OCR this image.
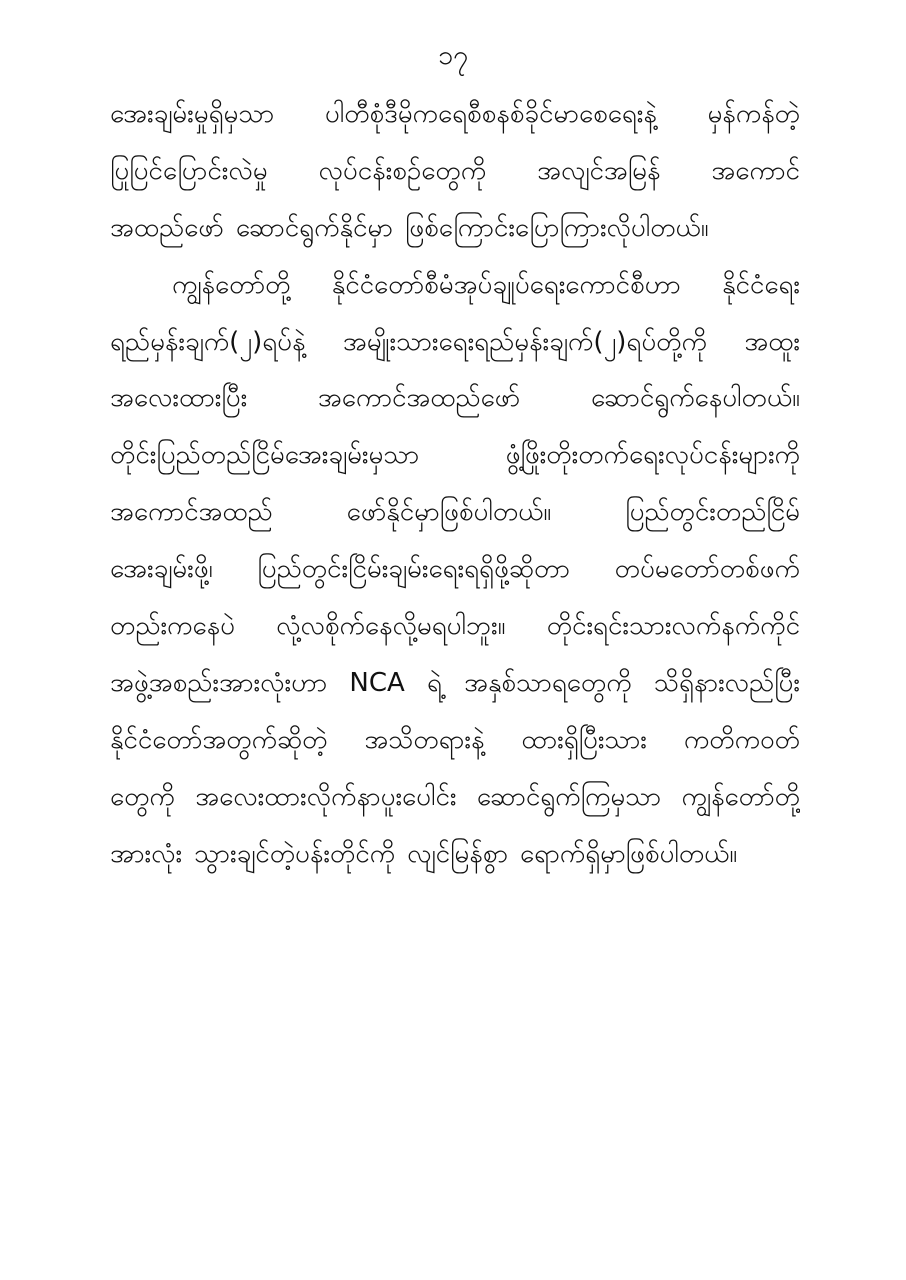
၁၇
အေးချမ်းမှုရှိမှသာ ပါတီစုံဒီမိုကရေစီစနစ်ခိုင်မာစေရေးနဲ့ မှန်ကန်တဲ့
ပြုပြင်ပြောင်းလဲမှု လုပ်ငန်းစဉ်တွေကို အလျင်အမြန် အကောင်
အထည်ဖော် ဆောင်ရွက်နိုင်မှာ ဖြစ်ကြောင်းပြောကြားလိုပါတယ်။
ကျွန်တော်တို့ နိုင်ငံတော်စီမံအုပ်ချုပ်ရေးကောင်စီဟာ နိုင်ငံရေး
ရည်မှန်းချက်(၂)ရပ်နဲ့ အမျိုးသားရေးရည်မှန်းချက်(၂)ရပ်တို့ကို အထူး
အလေးထားပြီး	အကောင်အထည်ဖော်	ဆောင်ရွက်နေပါတယ်။
တိုင်းပြည်တည်ငြိမ်အေးချမ်းမှသာ	ဖွံ့ဖြိုးတိုးတက်ရေးလုပ်ငန်းများကို
အကောင်အထည်	ဖော်နိုင်မှာဖြစ်ပါတယ်။	ပြည်တွင်းတည်ငြိမ်
အေးချမ်းဖို့၊ ပြည်တွင်းငြိမ်းချမ်းရေးရရှိဖို့ဆိုတာ တပ်မတော်တစ်ဖက်
တည်းကနေပဲ လုံ့လစိုက်နေလို့မရပါဘူး။ တိုင်းရင်းသားလက်နက်ကိုင်
အဖွဲ့အစည်းအားလုံးဟာ NCA ရဲ့ အနှစ်သာရတွေကို သိရှိနားလည်ပြီး
နိုင်ငံတော်အတွက်ဆိုတဲ့ အသိတရားနဲ့ ထားရှိပြီးသား ကတိကဝတ်
တွေကို အလေးထားလိုက်နာပူးပေါင်း ဆောင်ရွက်ကြမှသာ ကျွန်တော်တို့
အားလုံး သွားချင်တဲ့ပန်းတိုင်ကို လျင်မြန်စွာ ရောက်ရှိမှာဖြစ်ပါတယ်။
